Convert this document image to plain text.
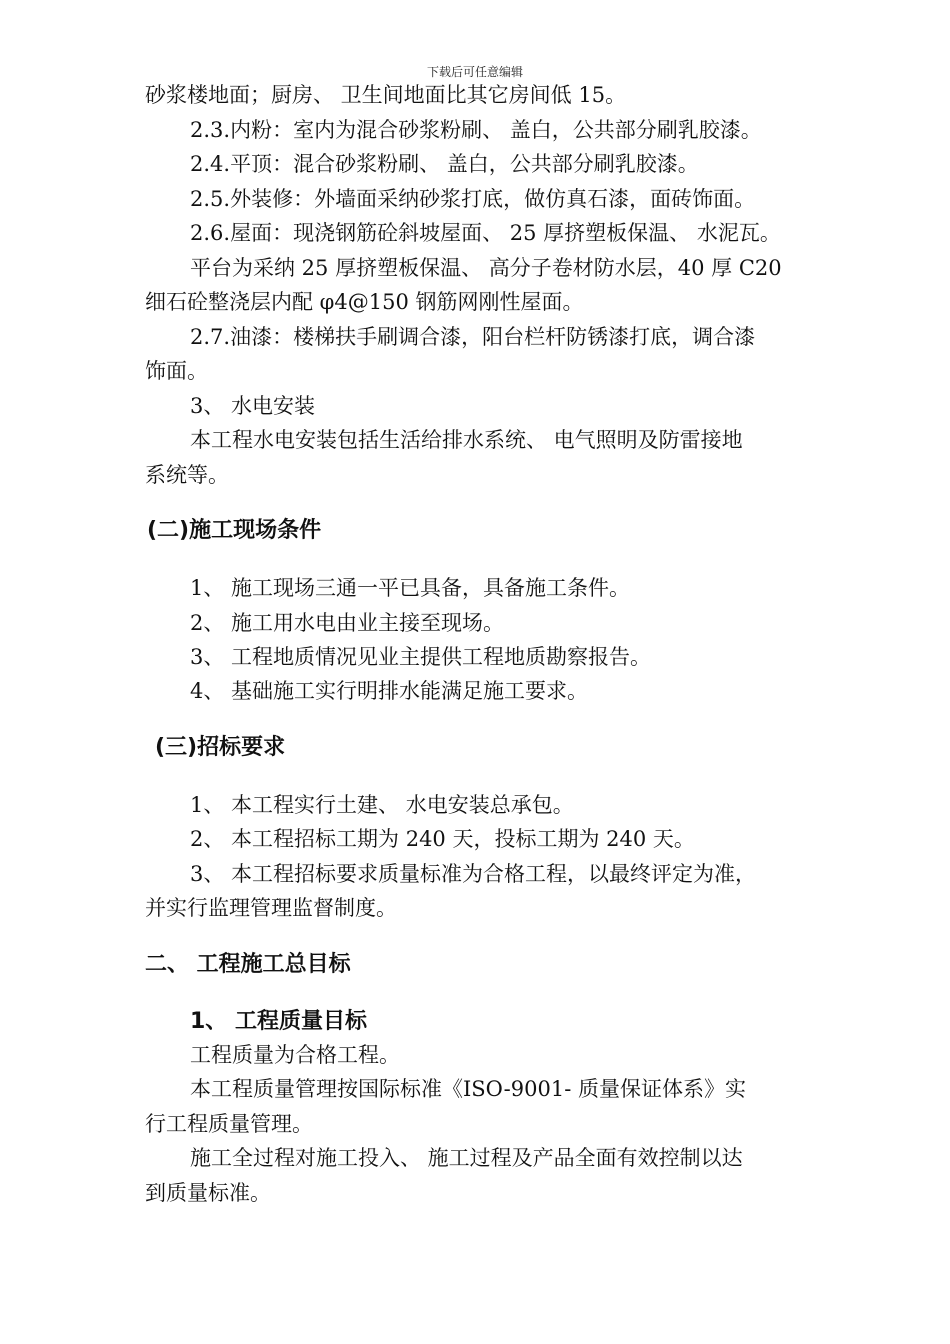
下载后可任意编辑
砂浆楼地面；厨房、 卫生间地面比其它房间低 15。
2.3.内粉：室内为混合砂浆粉刷、 盖白，公共部分刷乳胶漆。
2.4.平顶：混合砂浆粉刷、 盖白，公共部分刷乳胶漆。
2.5.外装修：外墙面采纳砂浆打底，做仿真石漆，面砖饰面。
2.6.屋面：现浇钢筋砼斜坡屋面、 25 厚挤塑板保温、 水泥瓦。
平台为采纳 25 厚挤塑板保温、 高分子卷材防水层，40 厚 C20
细石砼整浇层内配 φ4@150 钢筋网刚性屋面。
2.7.油漆：楼梯扶手刷调合漆，阳台栏杆防锈漆打底，调合漆
饰面。
3、 水电安装
本工程水电安装包括生活给排水系统、 电气照明及防雷接地
系统等。
(二)施工现场条件
1、 施工现场三通一平已具备，具备施工条件。
2、 施工用水电由业主接至现场。
3、 工程地质情况见业主提供工程地质勘察报告。
4、 基础施工实行明排水能满足施工要求。
(三)招标要求
1、 本工程实行土建、 水电安装总承包。
2、 本工程招标工期为 240 天，投标工期为 240 天。
3、 本工程招标要求质量标准为合格工程，以最终评定为准，
并实行监理管理监督制度。
二、 工程施工总目标
1、 工程质量目标
工程质量为合格工程。
本工程质量管理按国际标准《ISO-9001- 质量保证体系》实
行工程质量管理。
施工全过程对施工投入、 施工过程及产品全面有效控制以达
到质量标准。
